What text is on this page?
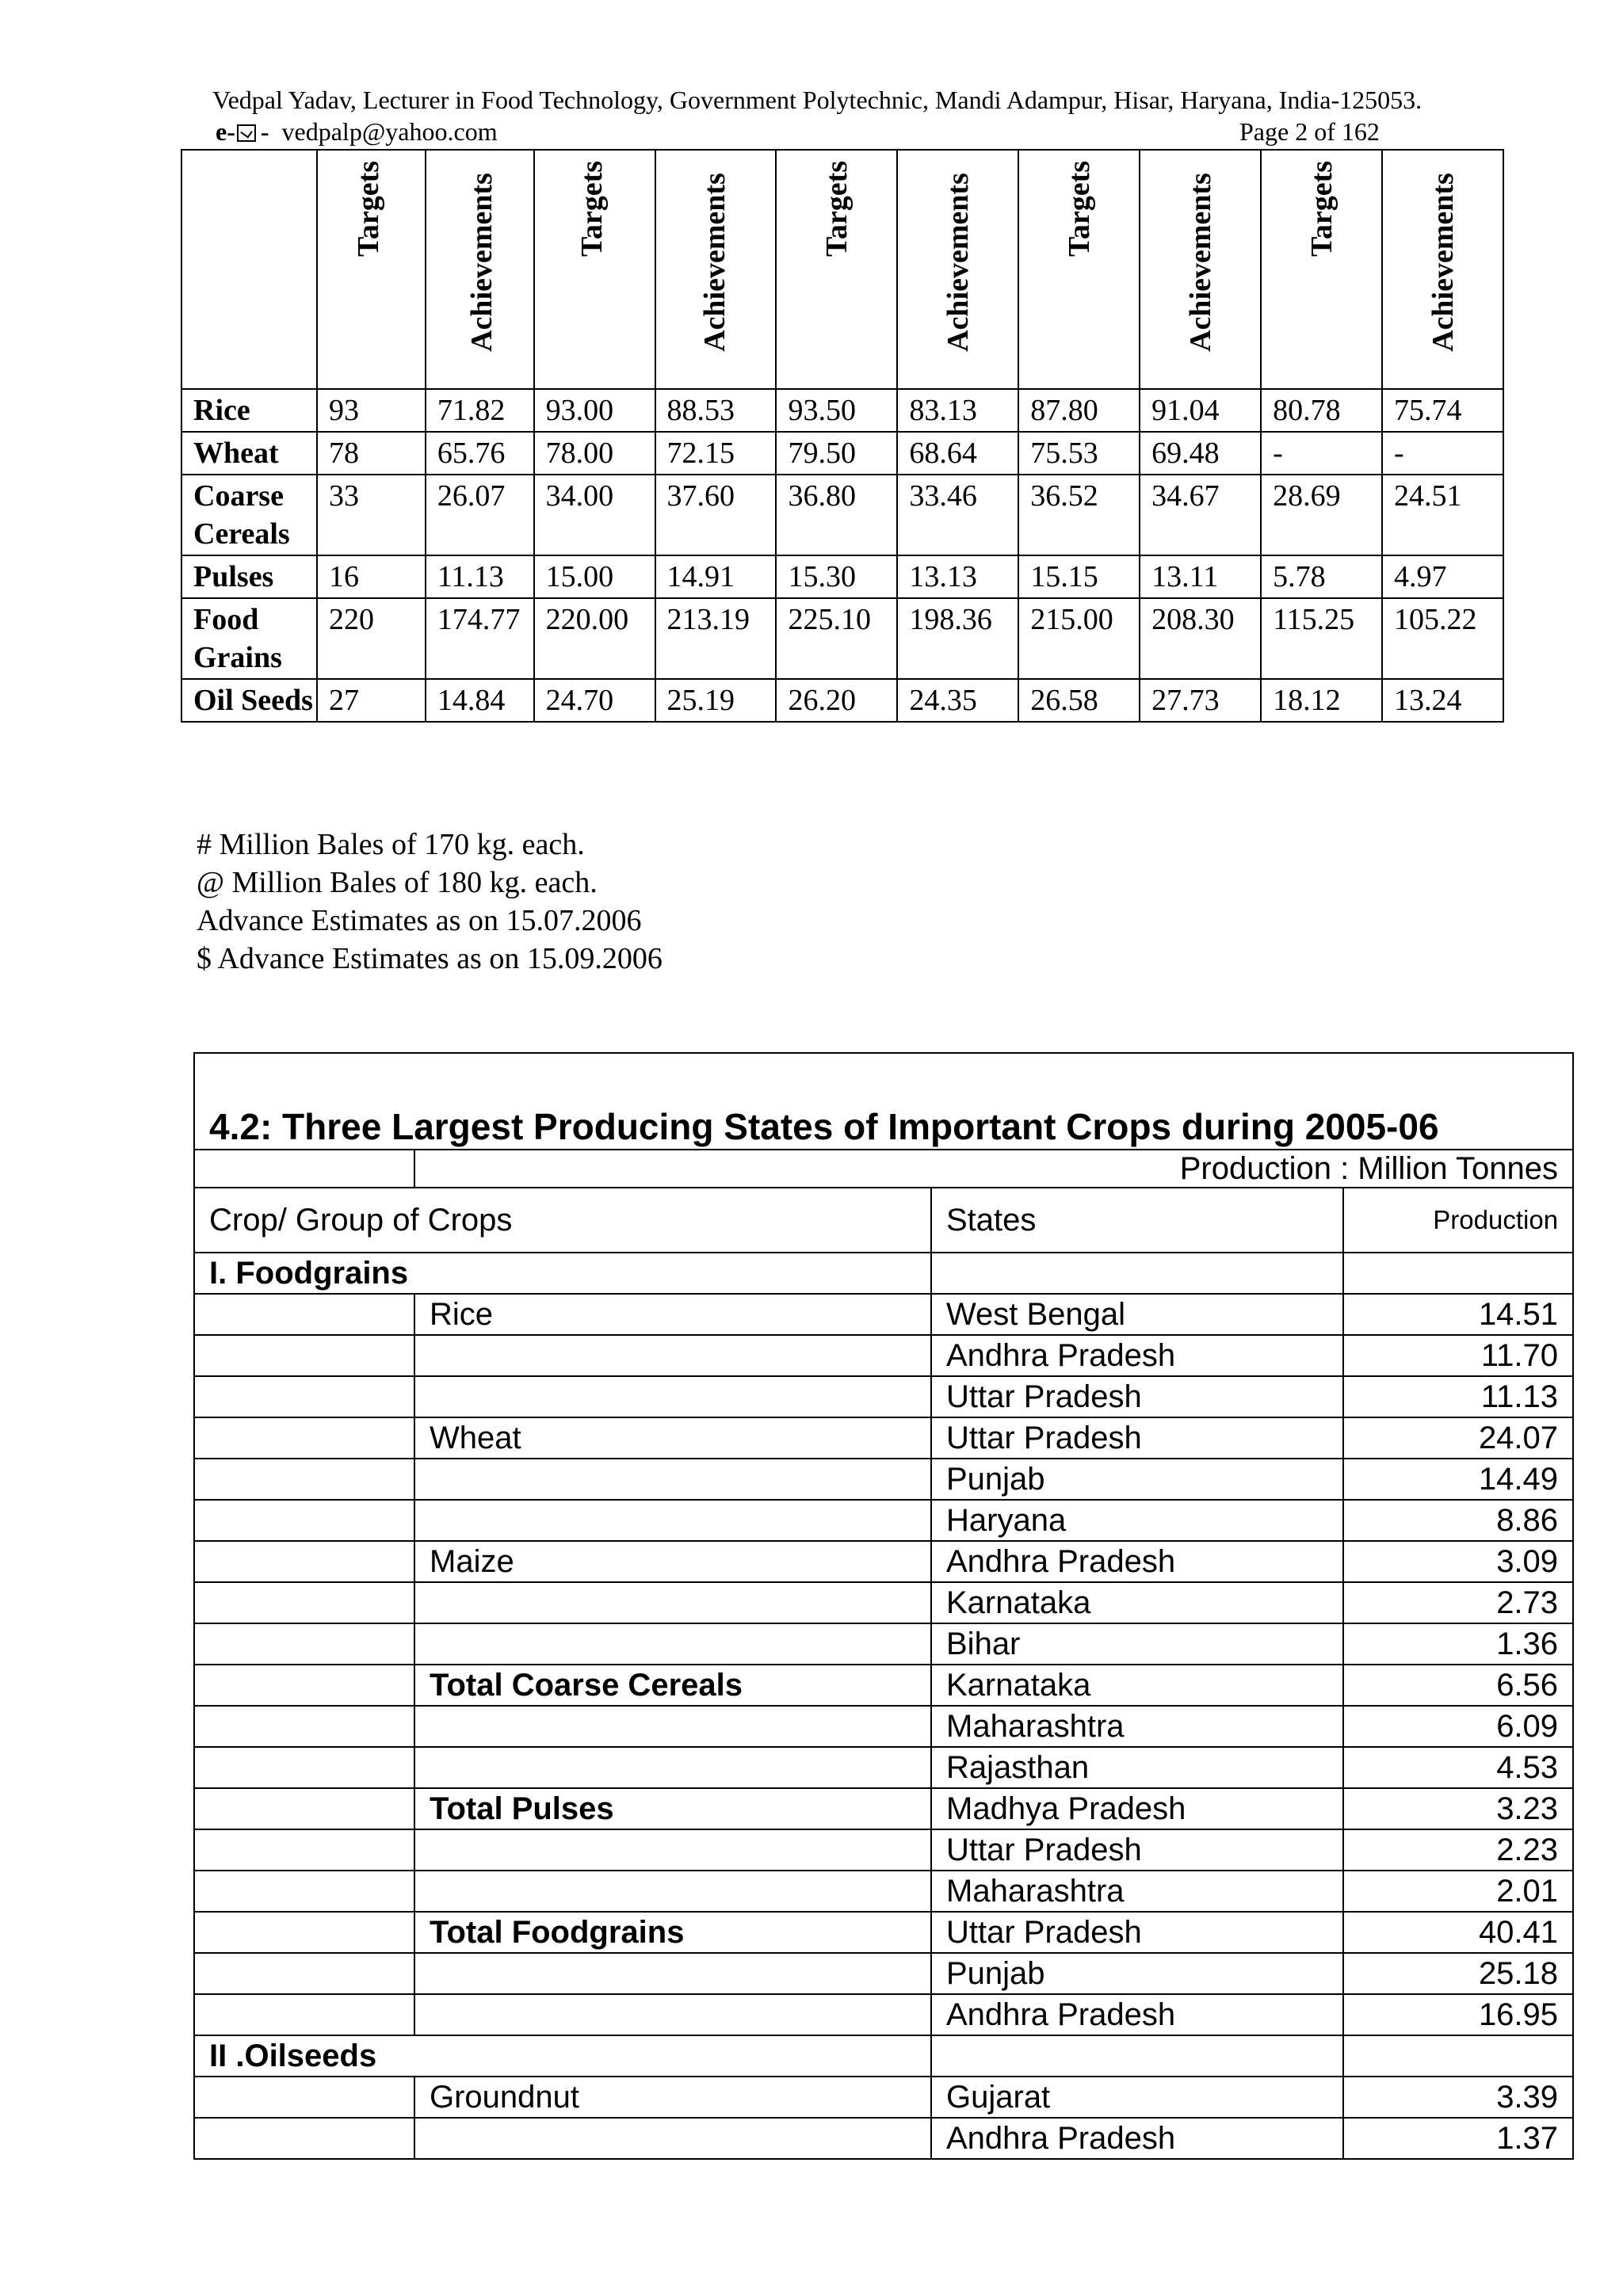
Vedpal Yadav, Lecturer in Food Technology, Government Polytechnic, Mandi Adampur, Hisar, Haryana, India-125053.
e- - vedpalp@yahoo.com	Page 2 of 162

	Targets	Achievements	Targets	Achievements	Targets	Achievements	Targets	Achievements	Targets	Achievements

Rice	93	71.82	93.00	88.53	93.50	83.13	87.80	91.04	80.78	75.74
Wheat	78	65.76	78.00	72.15	79.50	68.64	75.53	69.48	-	-
Coarse Cereals	33	26.07	34.00	37.60	36.80	33.46	36.52	34.67	28.69	24.51
Pulses	16	11.13	15.00	14.91	15.30	13.13	15.15	13.11	5.78	4.97
Food Grains	220	174.77	220.00	213.19	225.10	198.36	215.00	208.30	115.25	105.22
Oil Seeds	27	14.84	24.70	25.19	26.20	24.35	26.58	27.73	18.12	13.24
# Million Bales of 170 kg. each.
@ Million Bales of 180 kg. each.
Advance Estimates as on 15.07.2006
$ Advance Estimates as on 15.09.2006
4.2: Three Largest Producing States of Important Crops during 2005-06			
	Production : Million Tonnes		
Crop/ Group of Crops		States	Production
I. Foodgrains			
	Rice	West Bengal	14.51
		Andhra Pradesh	11.70
		Uttar Pradesh	11.13
	Wheat	Uttar Pradesh	24.07
		Punjab	14.49
		Haryana	8.86
	Maize	Andhra Pradesh	3.09
		Karnataka	2.73
		Bihar	1.36
	Total Coarse Cereals	Karnataka	6.56
		Maharashtra	6.09
		Rajasthan	4.53
	Total Pulses	Madhya Pradesh	3.23
		Uttar Pradesh	2.23
		Maharashtra	2.01
	Total Foodgrains	Uttar Pradesh	40.41
		Punjab	25.18
		Andhra Pradesh	16.95
II .Oilseeds			
	Groundnut	Gujarat	3.39
		Andhra Pradesh	1.37
